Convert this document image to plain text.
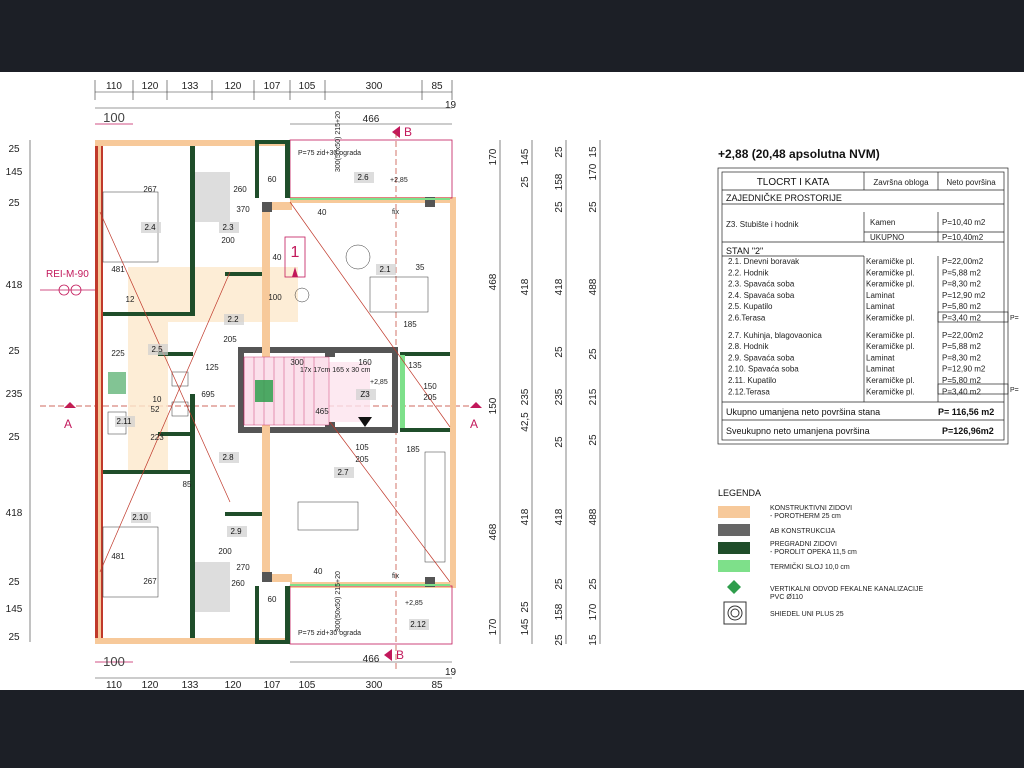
110 120 133	120 107 105	300	85
19
466
100
B
25
145
25
418
25
235
25
418
25
145
25
REI-M-90
A	A
1
2.1
2.2
2.3
2.4
2.5
2.6
2.7
2.8
2.9
2.10
2.11
2.12
Z3
267	260
370
200
481
12
225
125
695
223
300	160
465
185
135
100
40
35
205
200
270
481
267	260
60
60
40
40
150
205
105
205
185
85
52
10
P=75 zid+30 ograda
P=75 zid+30 ograda
+2,85
+2,85
+2,85
fix
fix
17x 17cm 165 x 30 cm
300(50x50) 215+20
300(50x50) 215+20
170
468
150
468
170
145
25
418
235
42,5
418
25
145
25
158
25
418
25
235
25
418
25
158
25
15
170
25
488
25
215
25
488
25
170
15
B
100	466
19
110 120 133	120 107 105	300	85
+2,88 (20,48 apsolutna NVM)
TLOCRT I KATA	Završna obloga Neto površina
ZAJEDNIČKE PROSTORIJE
Z3. Stubište i hodnik	Kamen	P=10,40 m2
UKUPNO	P=10,40m2
STAN "2"
2.1. Dnevni boravak	Keramičke pl.	P=22,00m2
2.2. Hodnik	Keramičke pl.	P=5,88 m2
2.3. Spavaća soba	Keramičke pl.	P=8,30 m2
2.4. Spavaća soba	Laminat	P=12,90 m2
2.5. Kupatilo	Laminat	P=5,80 m2
2.6.Terasa	Keramičke pl.	P=3,40 m2
2.7. Kuhinja, blagovaonica	Keramičke pl.	P=22,00m2
2.8. Hodnik	Keramičke pl.	P=5,88 m2
2.9. Spavaća soba	Laminat	P=8,30 m2
2.10. Spavaća soba	Laminat	P=12,90 m2
2.11. Kupatilo	Keramičke pl.	P=5,80 m2
2.12.Terasa	Keramičke pl.	P=3,40 m2
P=
P=
Ukupno umanjena neto površina stana	P= 116,56 m2
Sveukupno neto umanjena površina	P=126,96m2
LEGENDA
KONSTRUKTIVNI ZIDOVI
- POROTHERM 25 cm
AB KONSTRUKCIJA
PREGRADNI ZIDOVI
- POROLIT OPEKA 11,5 cm
TERMIČKI SLOJ 10,0 cm
VERTIKALNI ODVOD FEKALNE KANALIZACIJE
PVC Ø110
SHIEDEL UNI PLUS 25
